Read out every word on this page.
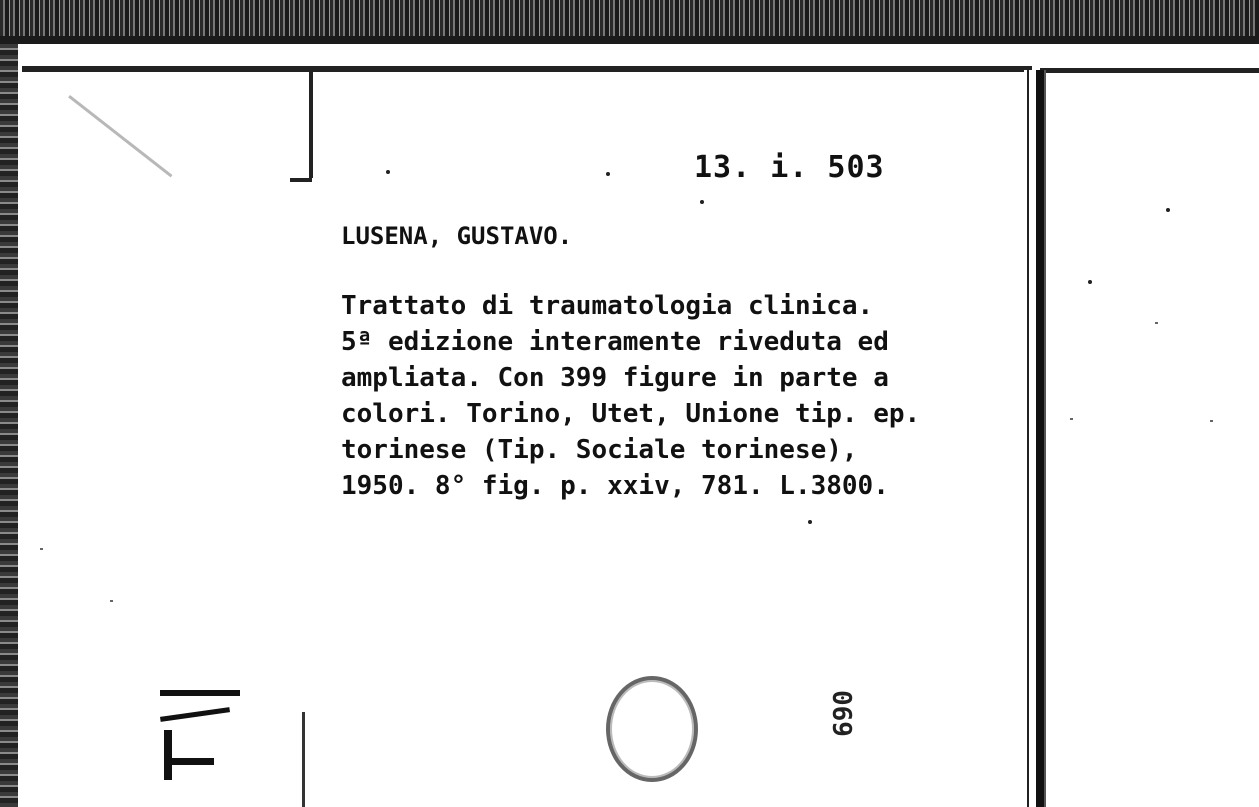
13. i. 503
LUSENA, GUSTAVO.
Trattato di traumatologia clinica.
5ª edizione interamente riveduta ed
ampliata. Con 399 figure in parte a
colori. Torino, Utet, Unione tip. ep.
torinese (Tip. Sociale torinese),
1950. 8° fig. p. xxiv, 781. L.3800.
069
